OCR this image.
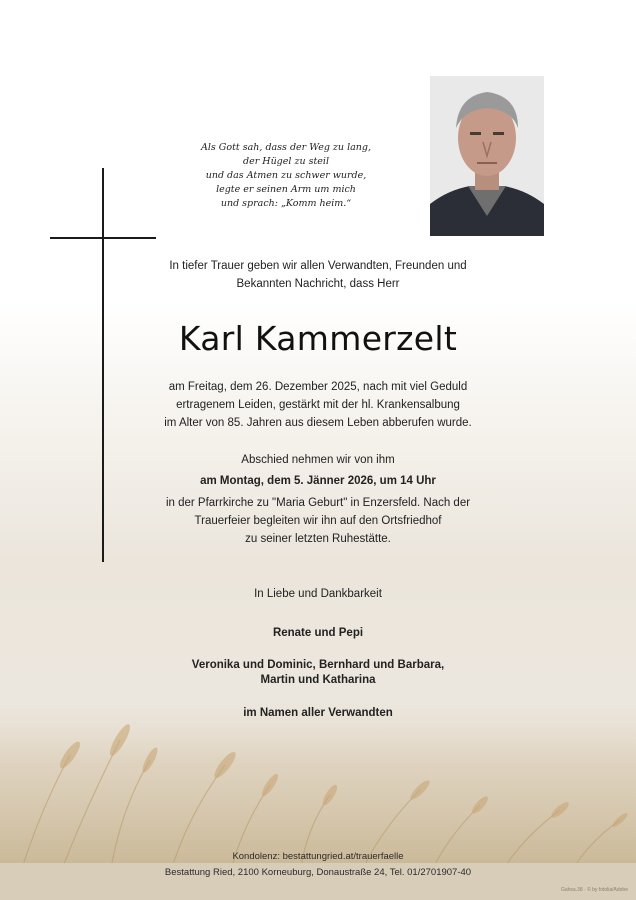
Als Gott sah, dass der Weg zu lang,
der Hügel zu steil
und das Atmen zu schwer wurde,
legte er seinen Arm um mich
und sprach: „Komm heim.“
In tiefer Trauer geben wir allen Verwandten, Freunden und
Bekannten Nachricht, dass Herr
Karl Kammerzelt
am Freitag, dem 26. Dezember 2025, nach mit viel Geduld
ertragenem Leiden, gestärkt mit der hl. Krankensalbung
im Alter von 85. Jahren aus diesem Leben abberufen wurde.
Abschied nehmen wir von ihm
am Montag, dem 5. Jänner 2026, um 14 Uhr
in der Pfarrkirche zu "Maria Geburt" in Enzersfeld. Nach der
Trauerfeier begleiten wir ihn auf den Ortsfriedhof
zu seiner letzten Ruhestätte.
In Liebe und Dankbarkeit
Renate und Pepi
Veronika und Dominic, Bernhard und Barbara,
Martin und Katharina
im Namen aller Verwandten
Kondolenz: bestattungried.at/trauerfaelle
Bestattung Ried, 2100 Korneuburg, Donaustraße 24, Tel. 01/2701907-40
Gahsa.38 · © by fotolia/Adobe
